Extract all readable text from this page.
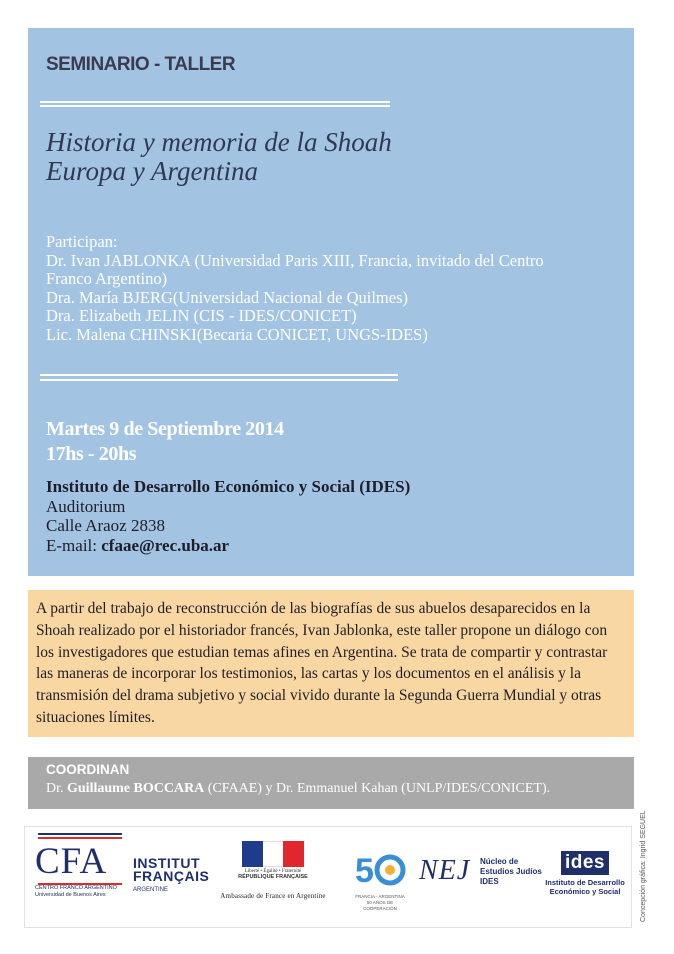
SEMINARIO - TALLER
Historia y memoria de la Shoah
Europa y Argentina
Participan:
Dr. Ivan JABLONKA (Universidad Paris XIII, Francia, invitado del Centro
Franco Argentino)
Dra. María BJERG(Universidad Nacional de Quilmes)
Dra. Elizabeth JELIN (CIS - IDES/CONICET)
Lic. Malena CHINSKI(Becaria CONICET, UNGS-IDES)
Martes 9 de Septiembre 2014
17hs - 20hs
Instituto de Desarrollo Económico y Social (IDES)
Auditorium
Calle Araoz 2838
E-mail: cfaae@rec.uba.ar
A partir del trabajo de reconstrucción de las biografías de sus abuelos desaparecidos en la
Shoah realizado por el historiador francés, Ivan Jablonka, este taller propone un diálogo con
los investigadores que estudian temas afines en Argentina. Se trata de compartir y contrastar
las maneras de incorporar los testimonios, las cartas y los documentos en el análisis y la
transmisión del drama subjetivo y social vivido durante la Segunda Guerra Mundial y otras
situaciones límites.
COORDINAN
Dr. Guillaume BOCCARA (CFAAE) y Dr. Emmanuel Kahan (UNLP/IDES/CONICET).
CFA
CENTRO FRANCO ARGENTINO
Universidad de Buenos Aires
INSTITUT
FRANÇAIS
ARGENTINE
Liberté • Égalité • Fraternité
RÉPUBLIQUE FRANÇAISE
Ambassade de France en Argentine
5
FRANCIA - ARGENTINA
50 AÑOS DE COOPERACIÓN
NEJ Núcleo de
Estudios Judíos
IDES
ides
Instituto de Desarrollo
Económico y Social	Concepción gráfica: Ingrid SEGUEL
